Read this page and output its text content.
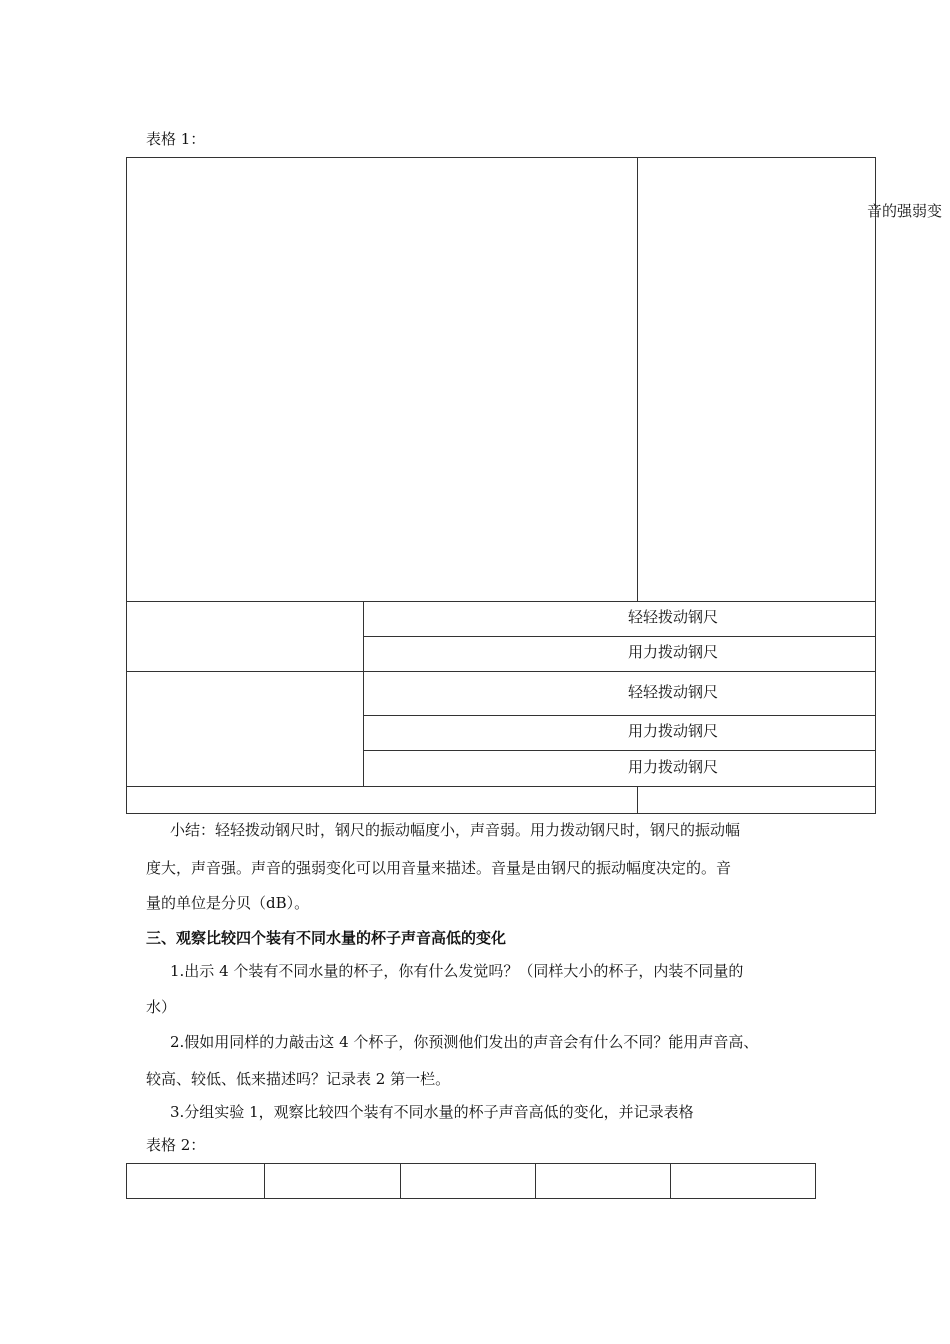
表格 1：
音的强弱变
轻轻拨动钢尺
用力拨动钢尺
轻轻拨动钢尺
用力拨动钢尺
用力拨动钢尺
小结：轻轻拨动钢尺时，钢尺的振动幅度小，声音弱。用力拨动钢尺时，钢尺的振动幅
度大，声音强。声音的强弱变化可以用音量来描述。音量是由钢尺的振动幅度决定的。音
量的单位是分贝（dB）。
三、观察比较四个装有不同水量的杯子声音高低的变化
1.出示 4 个装有不同水量的杯子，你有什么发觉吗？（同样大小的杯子，内装不同量的
水）
2.假如用同样的力敲击这 4 个杯子，你预测他们发出的声音会有什么不同？能用声音高、
较高、较低、低来描述吗？记录表 2 第一栏。
3.分组实验 1，观察比较四个装有不同水量的杯子声音高低的变化，并记录表格
表格 2：
